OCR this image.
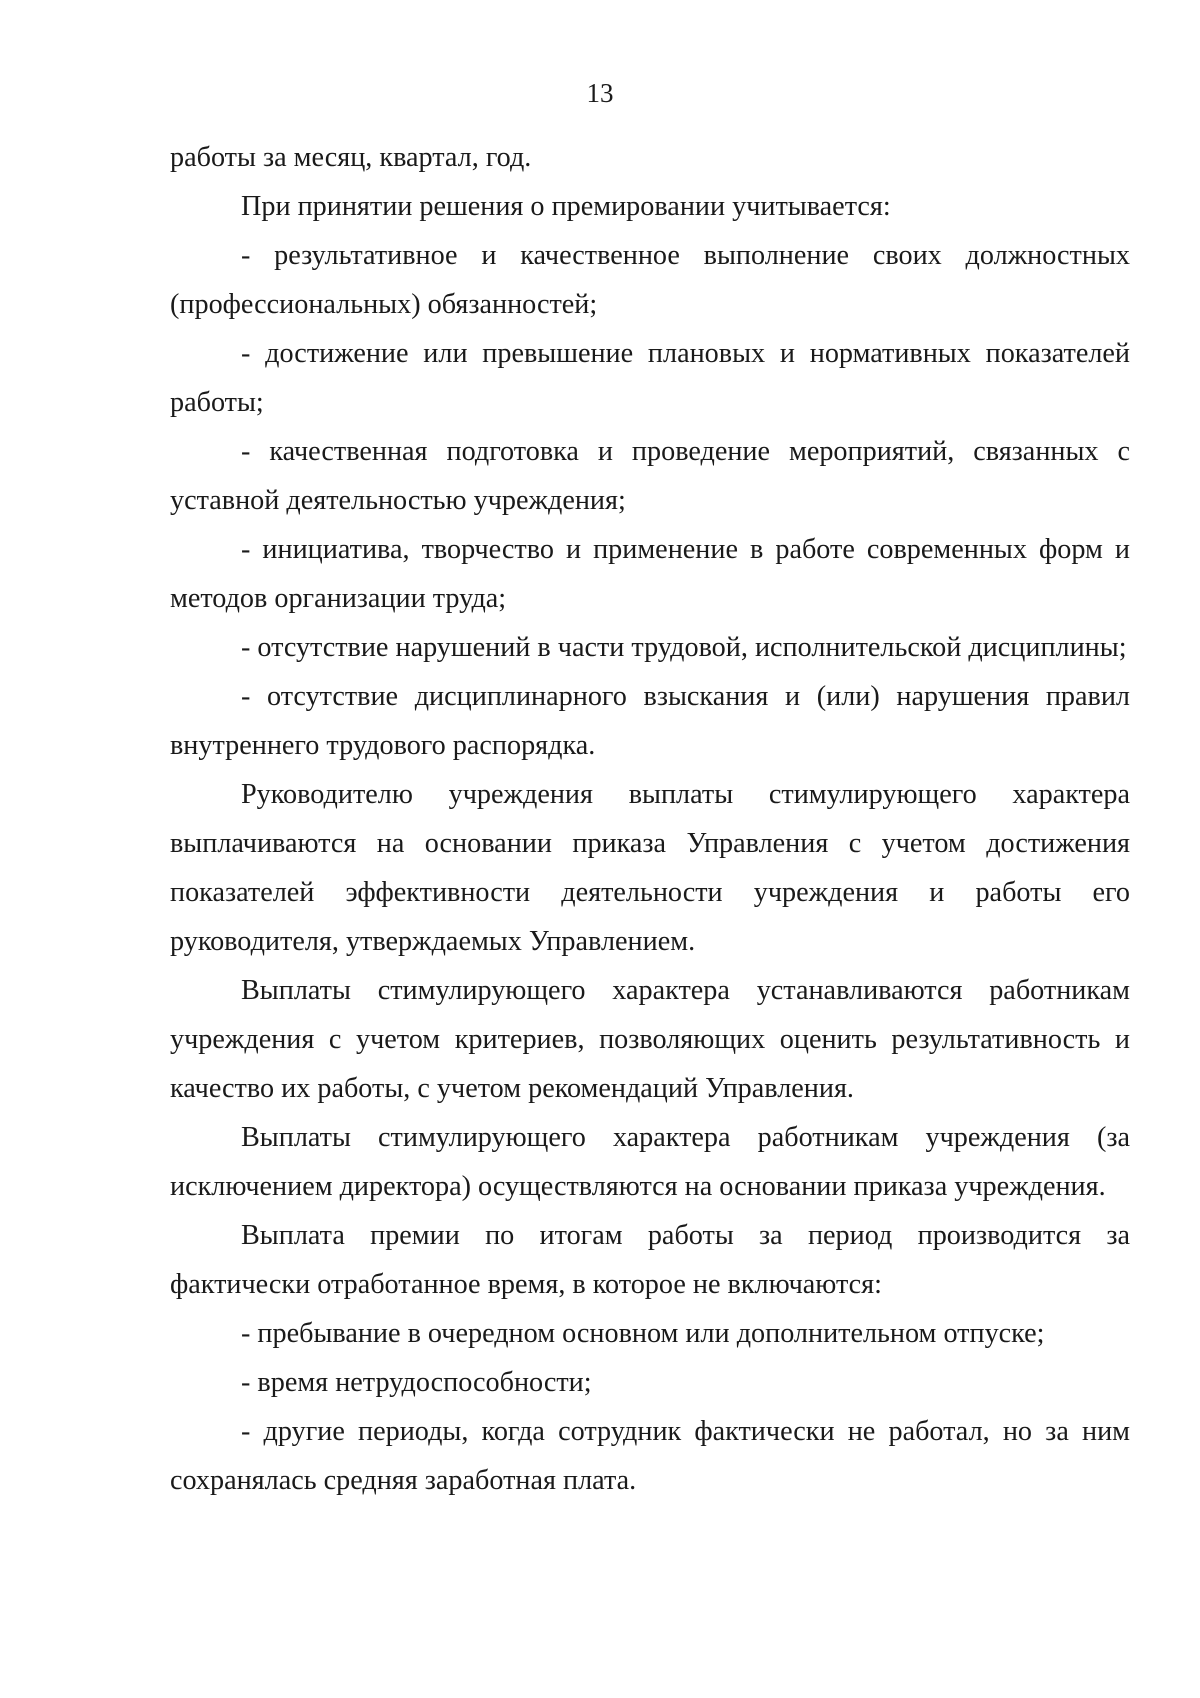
13

работы за месяц, квартал, год.

При принятии решения о премировании учитывается:

- результативное и качественное выполнение своих должностных (профессиональных) обязанностей;

- достижение или превышение плановых и нормативных показателей работы;

- качественная подготовка и проведение мероприятий, связанных с уставной деятельностью учреждения;

- инициатива, творчество и применение в работе современных форм и методов организации труда;

- отсутствие нарушений в части трудовой, исполнительской дисциплины;

- отсутствие дисциплинарного взыскания и (или) нарушения правил внутреннего трудового распорядка.

Руководителю учреждения выплаты стимулирующего характера выплачиваются на основании приказа Управления с учетом достижения показателей эффективности деятельности учреждения и работы его руководителя, утверждаемых Управлением.

Выплаты стимулирующего характера устанавливаются работникам учреждения с учетом критериев, позволяющих оценить результативность и качество их работы, с учетом рекомендаций Управления.

Выплаты стимулирующего характера работникам учреждения (за исключением директора) осуществляются на основании приказа учреждения.

Выплата премии по итогам работы за период производится за фактически отработанное время, в которое не включаются:

- пребывание в очередном основном или дополнительном отпуске;

- время нетрудоспособности;

- другие периоды, когда сотрудник фактически не работал, но за ним сохранялась средняя заработная плата.
